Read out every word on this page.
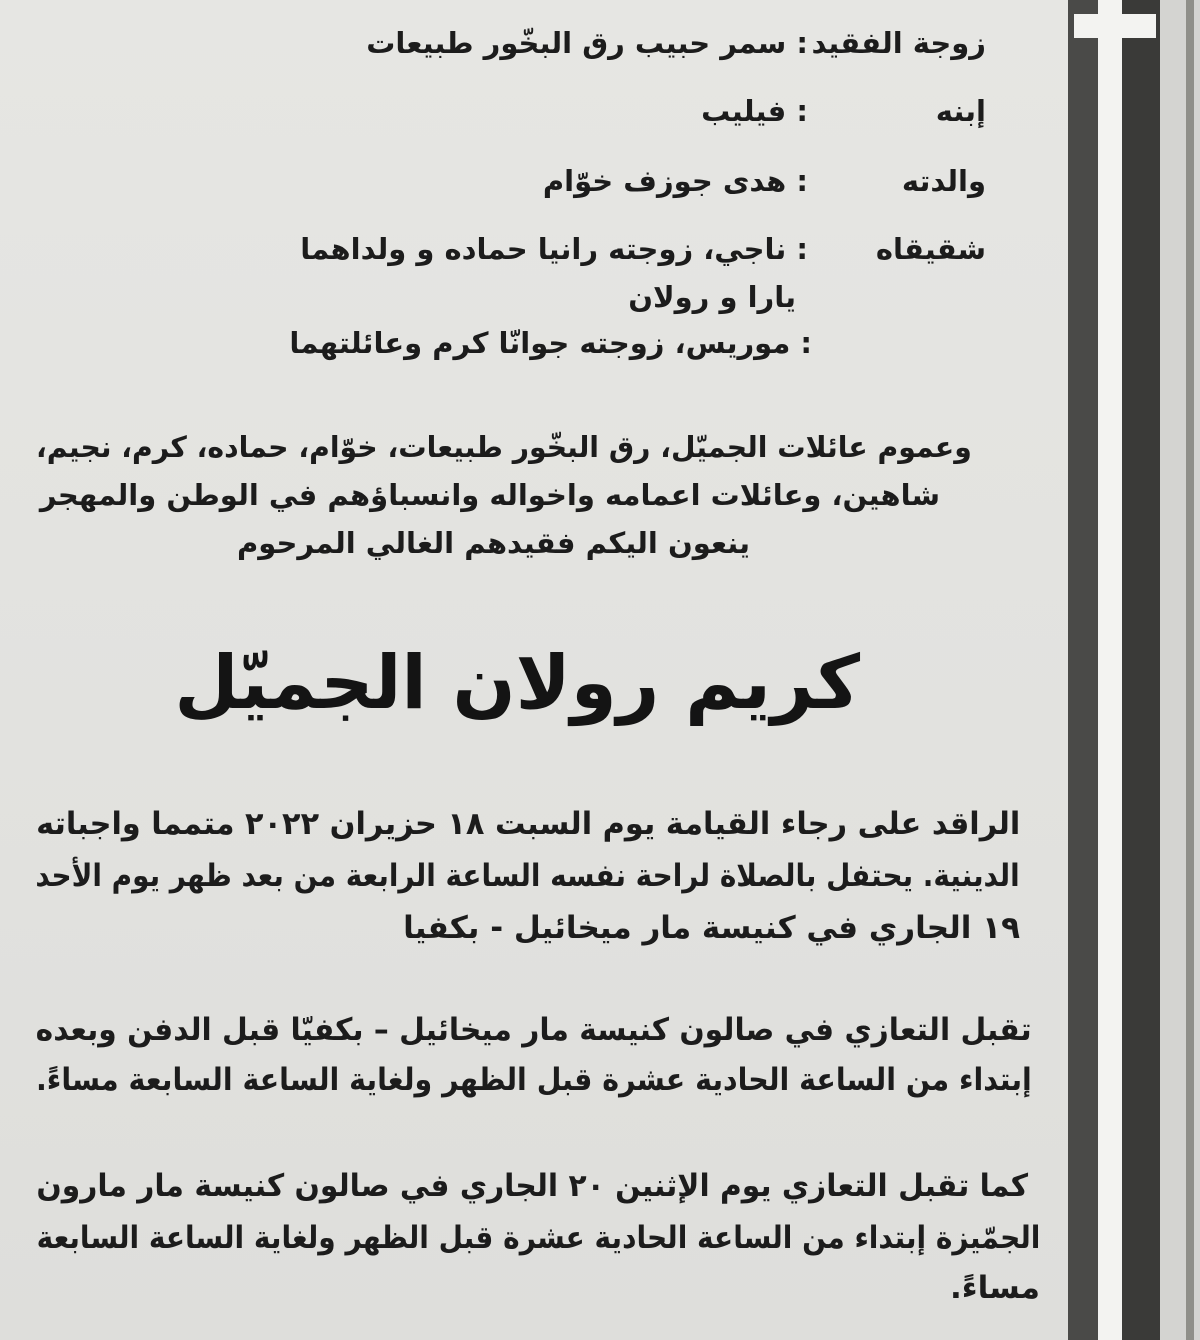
زوجة الفقيد
: سمر حبيب رق البخّور طبيعات
إبنه
: فيليب
والدته
: هدى جوزف خوّام
شقيقاه
: ناجي، زوجته رانيا حماده و ولداهما
يارا و رولان
: موريس، زوجته جوانّا كرم وعائلتهما
وعموم عائلات الجميّل، رق البخّور طبيعات، خوّام، حماده، كرم، نجيم،
شاهين، وعائلات اعمامه واخواله وانسباؤهم في الوطن والمهجر
ينعون اليكم فقيدهم الغالي المرحوم
كريم رولان الجميّل
الراقد على رجاء القيامة يوم السبت ١٨ حزيران ٢٠٢٢ متمما واجباته
الدينية. يحتفل بالصلاة لراحة نفسه الساعة الرابعة من بعد ظهر يوم الأحد
١٩ الجاري في كنيسة مار ميخائيل - بكفيا
تقبل التعازي في صالون كنيسة مار ميخائيل – بكفيّا قبل الدفن وبعده
إبتداء من الساعة الحادية عشرة قبل الظهر ولغاية الساعة السابعة مساءً.
كما تقبل التعازي يوم الإثنين ٢٠ الجاري في صالون كنيسة مار مارون
الجمّيزة إبتداء من الساعة الحادية عشرة قبل الظهر ولغاية الساعة السابعة
مساءً.
